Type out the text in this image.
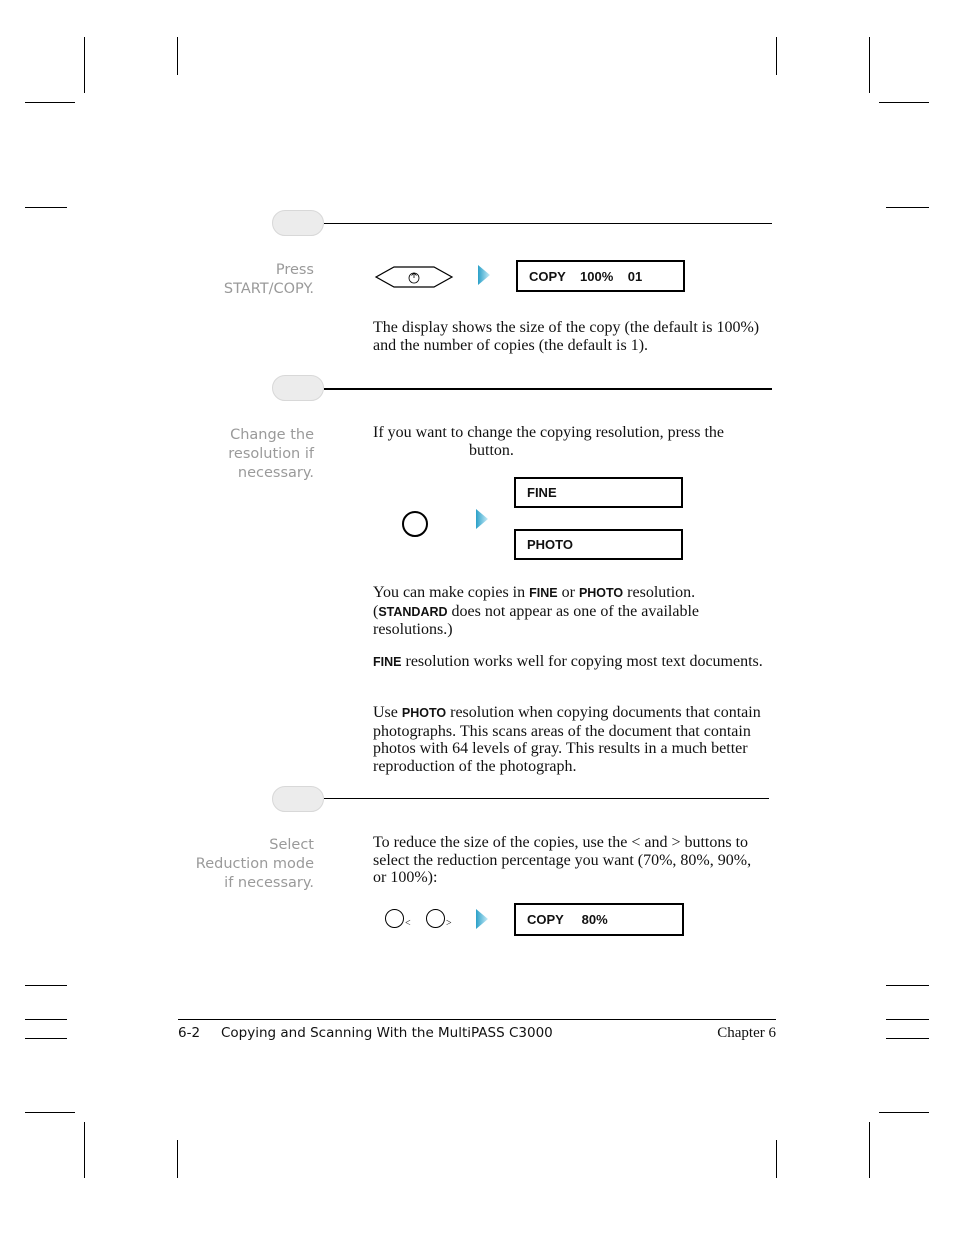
Press
START/COPY.
COPY    100%    01
The display shows the size of the copy (the default is 100%) and the number of copies (the default is 1).
Change the
resolution if
necessary.
If you want to change the copying resolution, press the
button.
FINE
PHOTO
You can make copies in FINE or PHOTO resolution.
(STANDARD does not appear as one of the available resolutions.)
FINE resolution works well for copying most text documents.
Use PHOTO resolution when copying documents that contain photographs. This scans areas of the document that contain photos with 64 levels of gray. This results in a much better reproduction of the photograph.
Select
Reduction mode
if necessary.
To reduce the size of the copies, use the < and > buttons to select the reduction percentage you want (70%, 80%, 90%, or 100%):
<	>	COPY     80%
6-2 Copying and Scanning With the MultiPASS C3000	Chapter 6
